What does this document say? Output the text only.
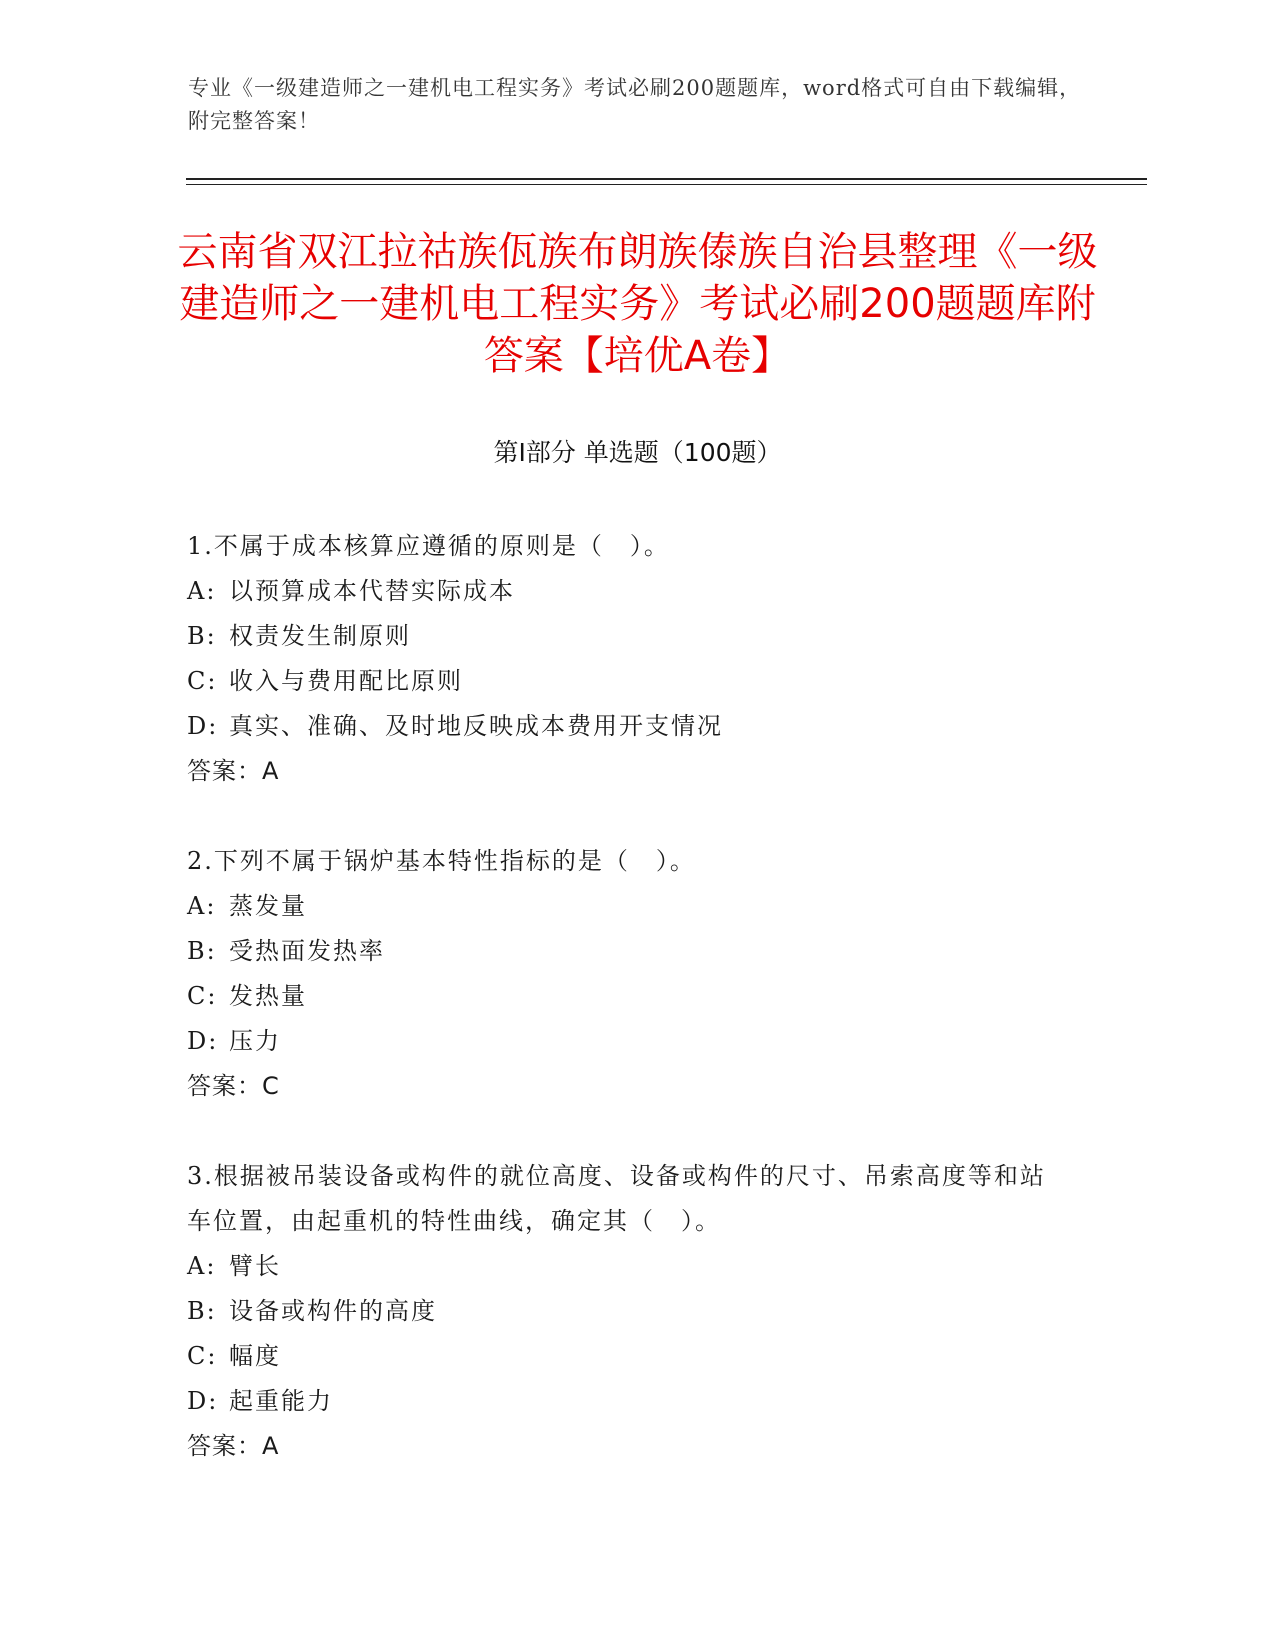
专业《一级建造师之一建机电工程实务》考试必刷200题题库，word格式可自由下载编辑，附完整答案！
云南省双江拉祜族佤族布朗族傣族自治县整理《一级建造师之一建机电工程实务》考试必刷200题题库附答案【培优A卷】
第Ⅰ部分 单选题（100题）
1.不属于成本核算应遵循的原则是（　）。
A: 以预算成本代替实际成本
B: 权责发生制原则
C: 收入与费用配比原则
D: 真实、准确、及时地反映成本费用开支情况
答案：A
2.下列不属于锅炉基本特性指标的是（　）。
A: 蒸发量
B: 受热面发热率
C: 发热量
D: 压力
答案：C
3.根据被吊装设备或构件的就位高度、设备或构件的尺寸、吊索高度等和站车位置，由起重机的特性曲线，确定其（　）。
A: 臂长
B: 设备或构件的高度
C: 幅度
D: 起重能力
答案：A
